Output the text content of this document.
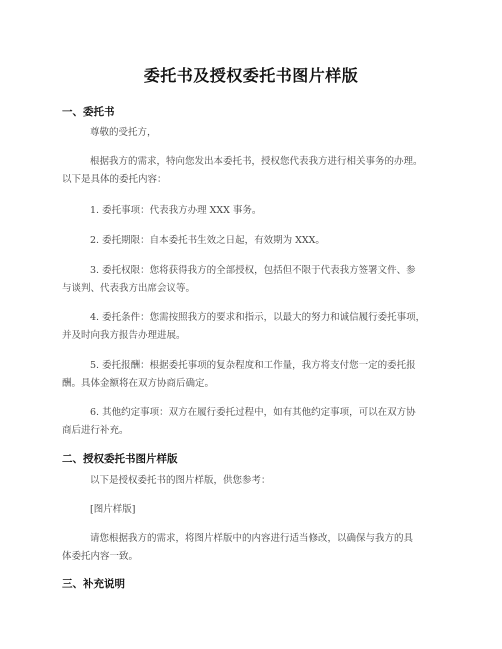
委托书及授权委托书图片样版
一、委托书
尊敬的受托方，
根据我方的需求，特向您发出本委托书，授权您代表我方进行相关事务的办理。
以下是具体的委托内容：
1. 委托事项：代表我方办理 XXX 事务。
2. 委托期限：自本委托书生效之日起，有效期为 XXX。
3. 委托权限：您将获得我方的全部授权，包括但不限于代表我方签署文件、参
与谈判、代表我方出席会议等。
4. 委托条件：您需按照我方的要求和指示，以最大的努力和诚信履行委托事项，
并及时向我方报告办理进展。
5. 委托报酬：根据委托事项的复杂程度和工作量，我方将支付您一定的委托报
酬。具体金额将在双方协商后确定。
6. 其他约定事项：双方在履行委托过程中，如有其他约定事项，可以在双方协
商后进行补充。
二、授权委托书图片样版
以下是授权委托书的图片样版，供您参考：
[图片样版]
请您根据我方的需求，将图片样版中的内容进行适当修改，以确保与我方的具
体委托内容一致。
三、补充说明
